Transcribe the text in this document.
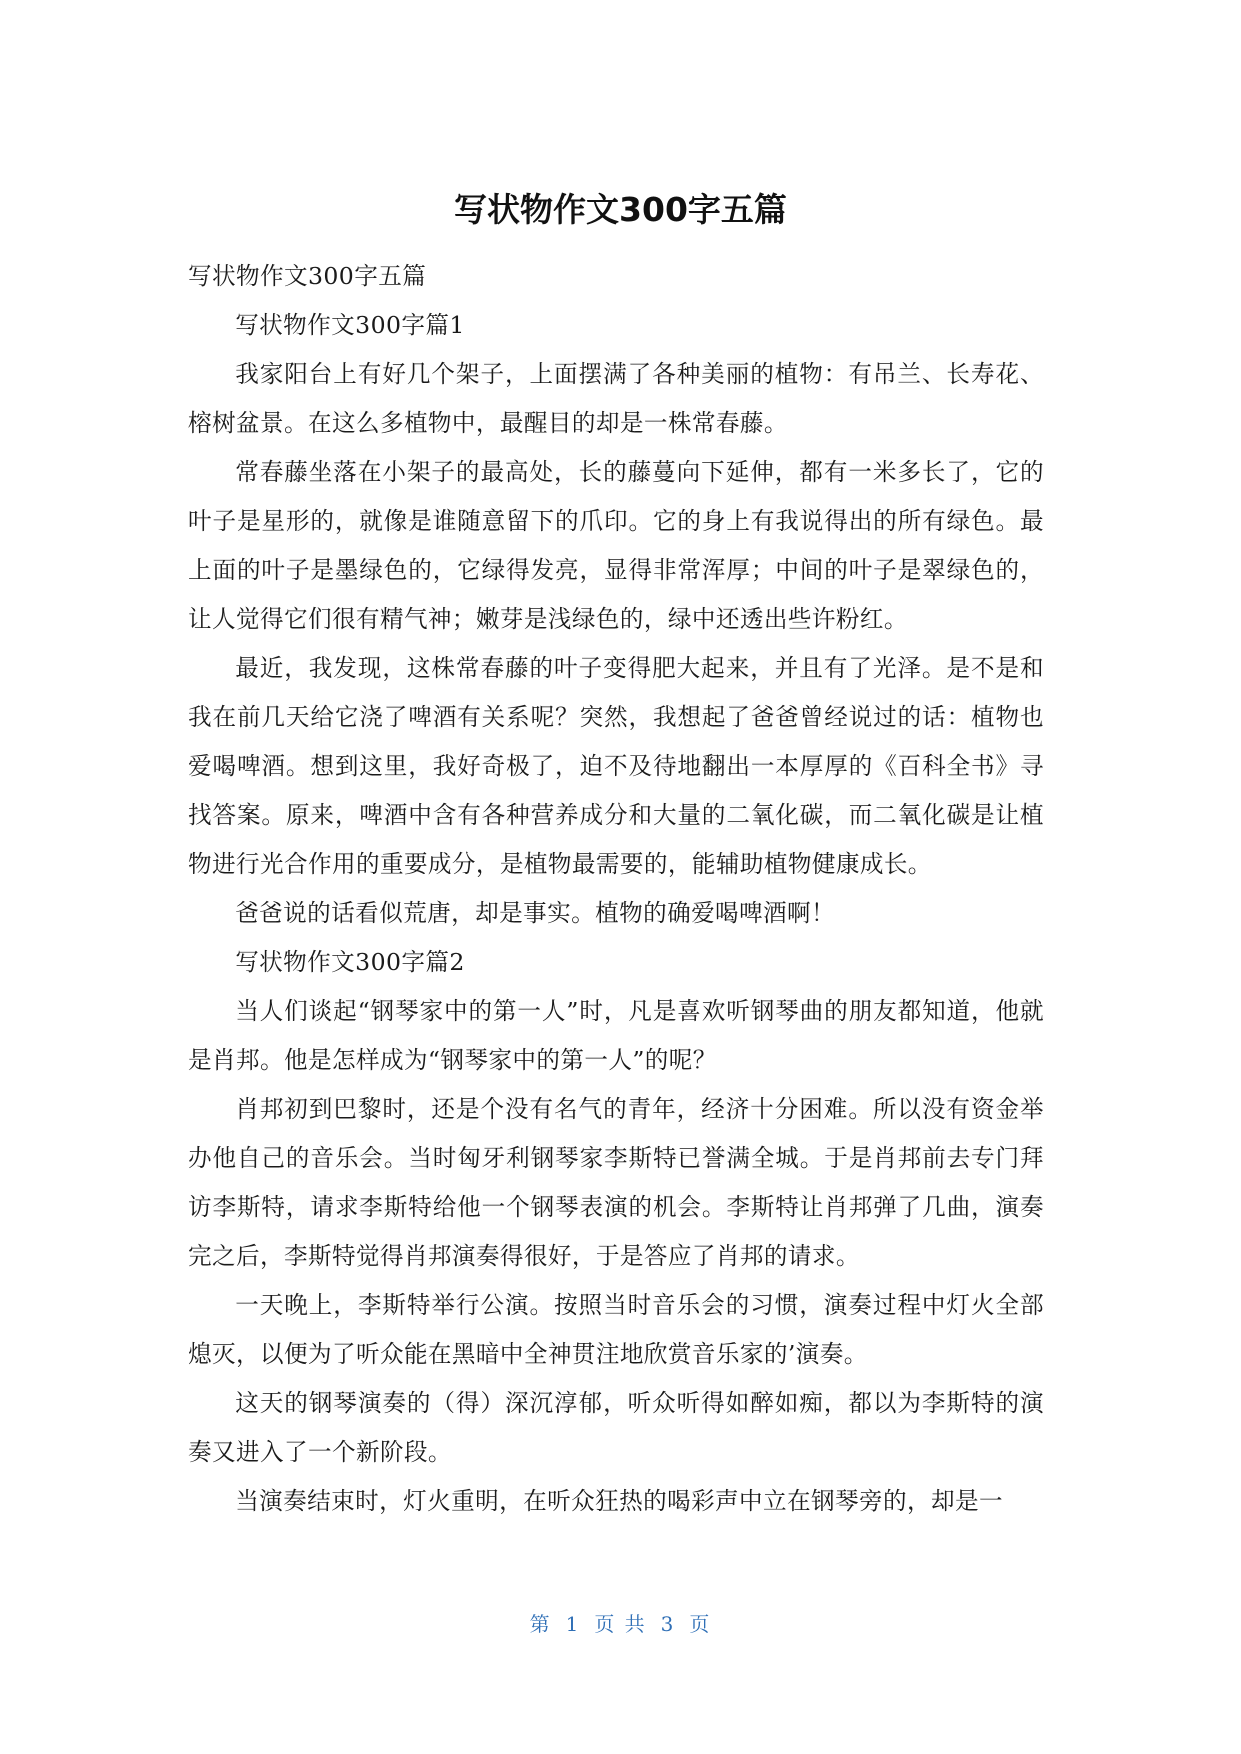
写状物作文300字五篇

写状物作文300字五篇

写状物作文300字篇1

我家阳台上有好几个架子，上面摆满了各种美丽的植物：有吊兰、长寿花、榕树盆景。在这么多植物中，最醒目的却是一株常春藤。

常春藤坐落在小架子的最高处，长的藤蔓向下延伸，都有一米多长了，它的叶子是星形的，就像是谁随意留下的爪印。它的身上有我说得出的所有绿色。最上面的叶子是墨绿色的，它绿得发亮，显得非常浑厚；中间的叶子是翠绿色的，让人觉得它们很有精气神；嫩芽是浅绿色的，绿中还透出些许粉红。

最近，我发现，这株常春藤的叶子变得肥大起来，并且有了光泽。是不是和我在前几天给它浇了啤酒有关系呢？突然，我想起了爸爸曾经说过的话：植物也爱喝啤酒。想到这里，我好奇极了，迫不及待地翻出一本厚厚的《百科全书》寻找答案。原来，啤酒中含有各种营养成分和大量的二氧化碳，而二氧化碳是让植物进行光合作用的重要成分，是植物最需要的，能辅助植物健康成长。

爸爸说的话看似荒唐，却是事实。植物的确爱喝啤酒啊！

写状物作文300字篇2

当人们谈起“钢琴家中的第一人”时，凡是喜欢听钢琴曲的朋友都知道，他就是肖邦。他是怎样成为“钢琴家中的第一人”的呢？

肖邦初到巴黎时，还是个没有名气的青年，经济十分困难。所以没有资金举办他自己的音乐会。当时匈牙利钢琴家李斯特已誉满全城。于是肖邦前去专门拜访李斯特，请求李斯特给他一个钢琴表演的机会。李斯特让肖邦弹了几曲，演奏完之后，李斯特觉得肖邦演奏得很好，于是答应了肖邦的请求。

一天晚上，李斯特举行公演。按照当时音乐会的习惯，演奏过程中灯火全部熄灭，以便为了听众能在黑暗中全神贯注地欣赏音乐家的’演奏。

这天的钢琴演奏的（得）深沉淳郁，听众听得如醉如痴，都以为李斯特的演奏又进入了一个新阶段。

当演奏结束时，灯火重明，在听众狂热的喝彩声中立在钢琴旁的，却是一

第 1 页 共 3 页
